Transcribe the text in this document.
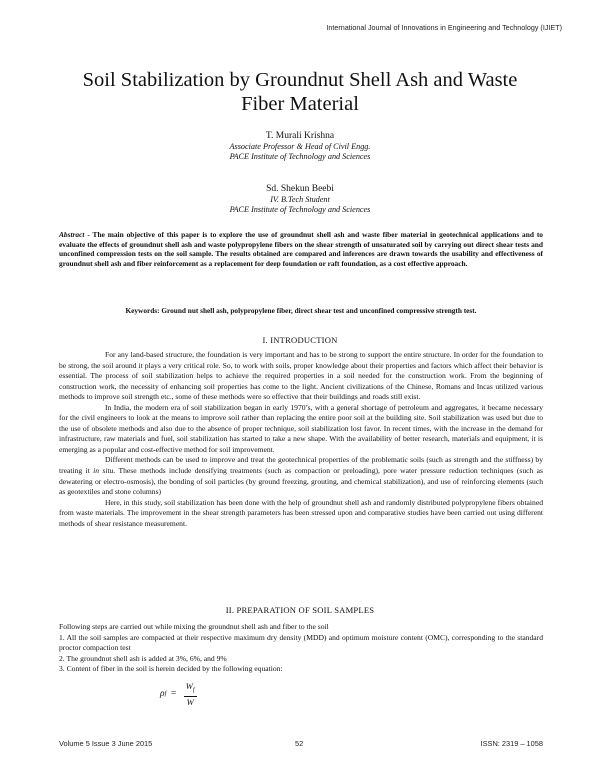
International Journal of Innovations in Engineering and Technology (IJIET)
Soil Stabilization by Groundnut Shell Ash and Waste Fiber Material
T. Murali Krishna
Associate Professor & Head of Civil Engg.
PACE Institute of Technology and Sciences
Sd. Shekun Beebi
IV. B.Tech Student
PACE Institute of Technology and Sciences
Abstract - The main objective of this paper is to explore the use of groundnut shell ash and waste fiber material in geotechnical applications and to evaluate the effects of groundnut shell ash and waste polypropylene fibers on the shear strength of unsaturated soil by carrying out direct shear tests and unconfined compression tests on the soil sample. The results obtained are compared and inferences are drawn towards the usability and effectiveness of groundnut shell ash and fiber reinforcement as a replacement for deep foundation or raft foundation, as a cost effective approach.
Keywords: Ground nut shell ash, polypropylene fiber, direct shear test and unconfined compressive strength test.
I. INTRODUCTION

For any land-based structure, the foundation is very important and has to be strong to support the entire structure. In order for the foundation to be strong, the soil around it plays a very critical role. So, to work with soils, proper knowledge about their properties and factors which affect their behavior is essential. The process of soil stabilization helps to achieve the required properties in a soil needed for the construction work. From the beginning of construction work, the necessity of enhancing soil properties has come to the light. Ancient civilizations of the Chinese, Romans and Incas utilized various methods to improve soil strength etc., some of these methods were so effective that their buildings and roads still exist.

In India, the modern era of soil stabilization began in early 1970’s, with a general shortage of petroleum and aggregates, it became necessary for the civil engineers to look at the means to improve soil rather than replacing the entire poor soil at the building site. Soil stabilization was used but due to the use of obsolete methods and also due to the absence of proper technique, soil stabilization lost favor. In recent times, with the increase in the demand for infrastructure, raw materials and fuel, soil stabilization has started to take a new shape. With the availability of better research, materials and equipment, it is emerging as a popular and cost-effective method for soil improvement.

Different methods can be used to improve and treat the geotechnical properties of the problematic soils (such as strength and the stiffness) by treating it in situ. These methods include densifying treatments (such as compaction or preloading), pore water pressure reduction techniques (such as dewatering or electro-osmosis), the bonding of soil particles (by ground freezing, grouting, and chemical stabilization), and use of reinforcing elements (such as geotextiles and stone columns)

Here, in this study, soil stabilization has been done with the help of groundnut shell ash and randomly distributed polypropylene fibers obtained from waste materials. The improvement in the shear strength parameters has been stressed upon and comparative studies have been carried out using different methods of shear resistance measurement.

II. PREPARATION OF SOIL SAMPLES

Following steps are carried out while mixing the groundnut shell ash and fiber to the soil

1. All the soil samples are compacted at their respective maximum dry density (MDD) and optimum moisture content (OMC), corresponding to the standard proctor compaction test

2. The groundnut shell ash is added at 3%, 6%, and 9%

3. Content of fiber in the soil is herein decided by the following equation:

ρ $f = \frac{W_f}{W}$
Volume 5 Issue 3 June 2015	52	ISSN: 2319 – 1058
